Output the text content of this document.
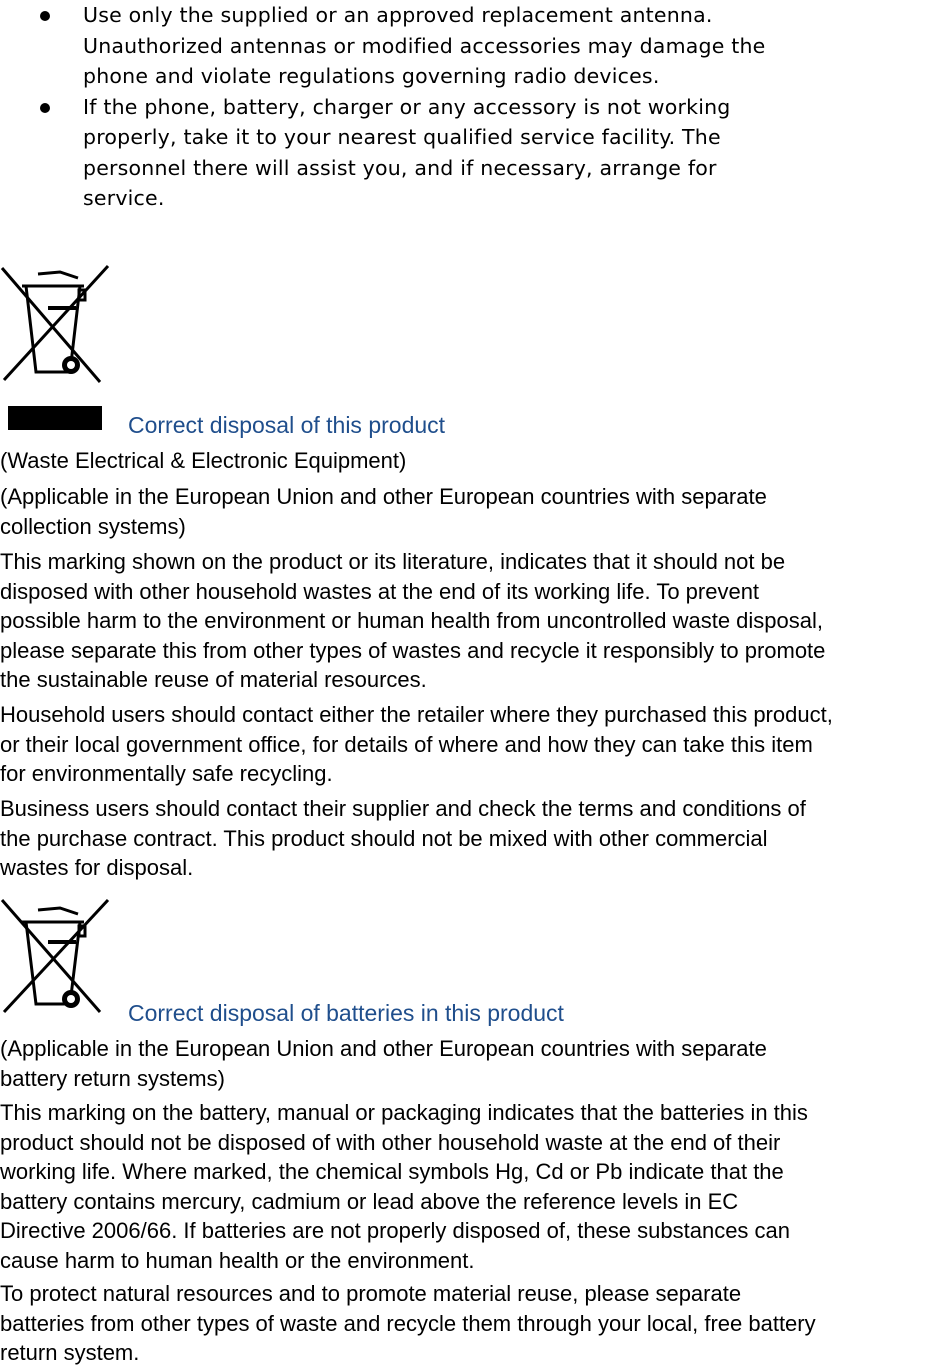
Use only the supplied or an approved replacement antenna.
Unauthorized antennas or modified accessories may damage the
phone and violate regulations governing radio devices.
If the phone, battery, charger or any accessory is not working
properly, take it to your nearest qualified service facility. The
personnel there will assist you, and if necessary, arrange for
service.
Correct disposal of this product
(Waste Electrical & Electronic Equipment)
(Applicable in the European Union and other European countries with separate
collection systems)
This marking shown on the product or its literature, indicates that it should not be
disposed with other household wastes at the end of its working life. To prevent
possible harm to the environment or human health from uncontrolled waste disposal,
please separate this from other types of wastes and recycle it responsibly to promote
the sustainable reuse of material resources.
Household users should contact either the retailer where they purchased this product,
or their local government office, for details of where and how they can take this item
for environmentally safe recycling.
Business users should contact their supplier and check the terms and conditions of
the purchase contract. This product should not be mixed with other commercial
wastes for disposal.
Correct disposal of batteries in this product
(Applicable in the European Union and other European countries with separate
battery return systems)
This marking on the battery, manual or packaging indicates that the batteries in this
product should not be disposed of with other household waste at the end of their
working life. Where marked, the chemical symbols Hg, Cd or Pb indicate that the
battery contains mercury, cadmium or lead above the reference levels in EC
Directive 2006/66. If batteries are not properly disposed of, these substances can
cause harm to human health or the environment.
To protect natural resources and to promote material reuse, please separate
batteries from other types of waste and recycle them through your local, free battery
return system.
